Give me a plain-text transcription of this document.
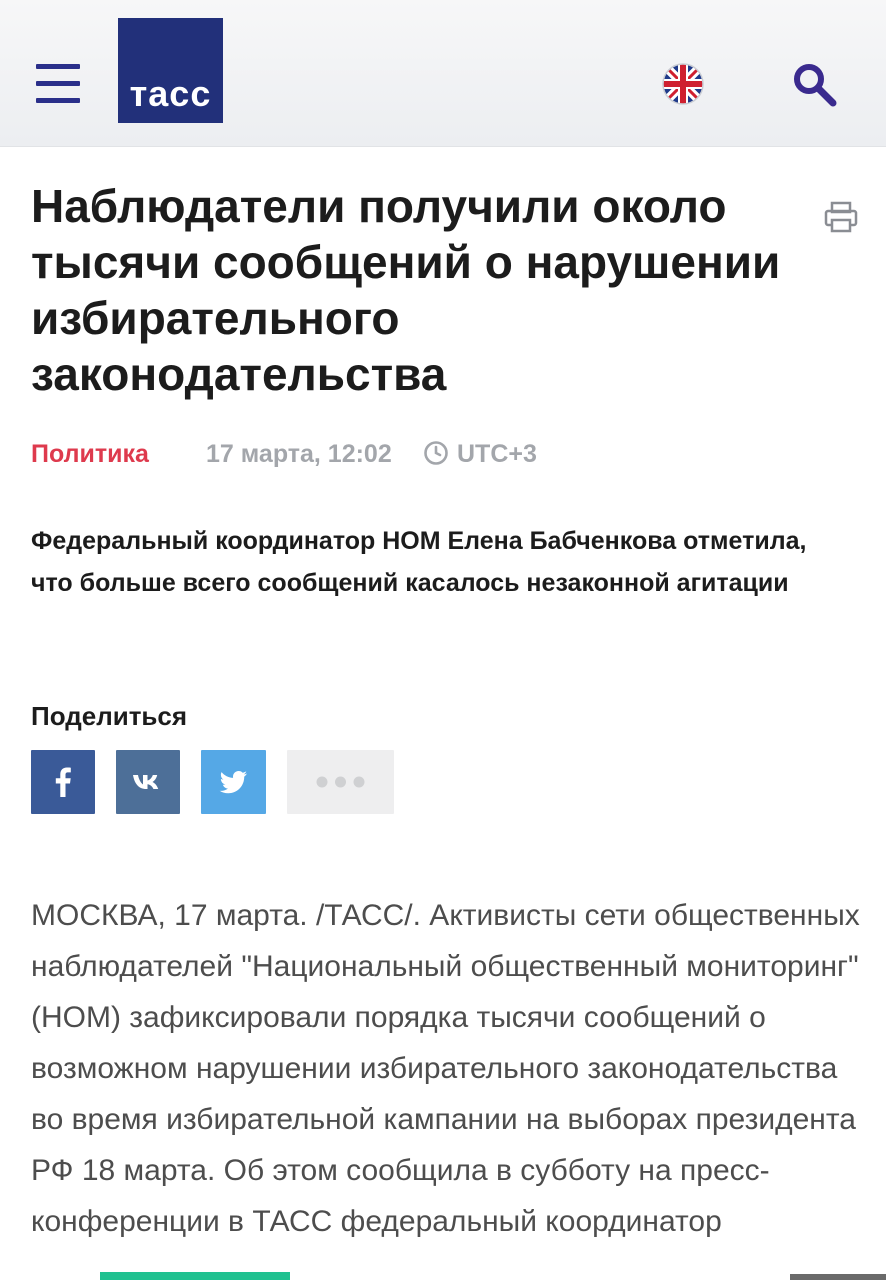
тасс
Наблюдатели получили около тысячи сообщений о нарушении избирательного законодательства
Политика 17 марта, 12:02	UTC+3

Федеральный координатор НОМ Елена Бабченкова отметила, что больше всего сообщений касалось незаконной агитации

Поделиться

МОСКВА, 17 марта. /ТАСС/. Активисты сети общественных наблюдателей "Национальный общественный мониторинг" (НОМ) зафиксировали порядка тысячи сообщений о возможном нарушении избирательного законодательства во время избирательной кампании на выборах президента РФ 18 марта. Об этом сообщила в субботу на пресс-конференции в ТАСС федеральный координатор
